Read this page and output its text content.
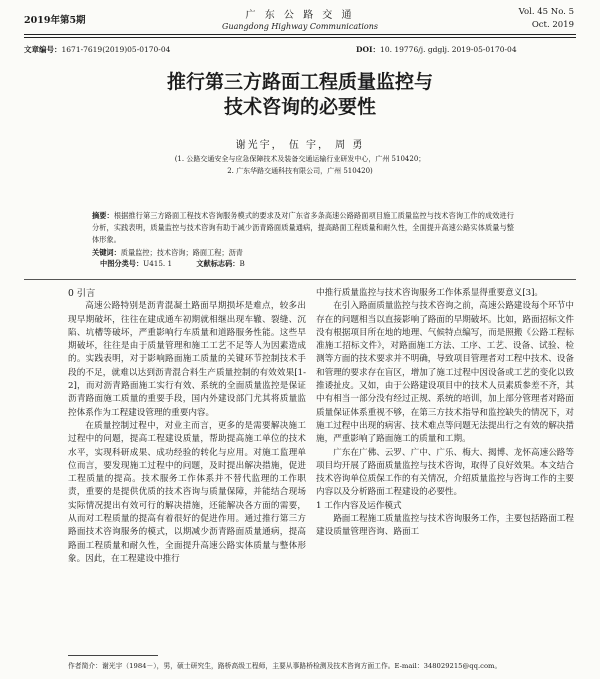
2019年第5期	广 东 公 路 交 通
Guangdong Highway Communications
Vol. 45 No. 5
Oct. 2019
文章编号：1671-7619(2019)05-0170-04	DOI：10. 19776/j. gdglj. 2019-05-0170-04
推行第三方路面工程质量监控与
技术咨询的必要性
谢光宇， 伍 宇， 周 勇
(1. 公路交通安全与应急保障技术及装备交通运输行业研发中心，广州 510420；
2. 广东华路交通科技有限公司，广州 510420)
摘要：根据推行第三方路面工程技术咨询服务模式的要求及对广东省多条高速公路路面项目施工质量监控与技术咨询工作的成效进行分析，实践表明，质量监控与技术咨询有助于减少沥青路面质量通病，提高路面工程质量和耐久性，全面提升高速公路实体质量与整体形象。
关键词：质量监控；技术咨询；路面工程；沥青
中图分类号：U415. 1	文献标志码：B

0 引言

高速公路特别是沥青混凝土路面早期损坏是难点，较多出现早期破坏，往往在建成通车初期就相继出现车辙、裂缝、沉陷、坑槽等破坏，严重影响行车质量和道路服务性能。这些早期破坏，往往是由于质量管理和施工工艺不足等人为因素造成的。实践表明，对于影响路面施工质量的关键环节控制技术手段的不足，就难以达到沥青混合料生产质量控制的有效效果[1-2]，而对沥青路面施工实行有效、系统的全面质量监控是保证沥青路面施工质量的重要手段，国内外建设部门尤其将质量监控体系作为工程建设管理的重要内容。

在质量控制过程中，对业主而言，更多的是需要解决施工过程中的问题，提高工程建设质量，帮助提高施工单位的技术水平，实现科研成果、成功经验的转化与应用。对施工监理单位而言，要发现施工过程中的问题，及时提出解决措施，促进工程质量的提高。技术服务工作体系并不替代监理的工作职责，重要的是提供优质的技术咨询与质量保障，并能结合现场实际情况提出有效可行的解决措施，还能解决各方面的需要，从而对工程质量的提高有着很好的促进作用。通过推行第三方路面技术咨询服务的模式，以期减少沥青路面质量通病，提高路面工程质量和耐久性，全面提升高速公路实体质量与整体形象。因此，在工程建设中推行

中推行质量监控与技术咨询服务工作体系显得重要意义[3]。

在引入路面质量监控与技术咨询之前，高速公路建设每个环节中存在的问题相当以直接影响了路面的早期破坏。比如，路面招标文件没有根据项目所在地的地理、气候特点编写，而是照搬《公路工程标准施工招标文件》，对路面施工方法、工序、工艺、设备、试验、检测等方面的技术要求并不明确，导致项目管理者对工程中技术、设备和管理的要求存在盲区，增加了施工过程中因设备或工艺的变化以致推诿扯皮。又如，由于公路建设项目中的技术人员素质参差不齐，其中有相当一部分没有经过正规、系统的培训，加上部分管理者对路面质量保证体系重视不够，在第三方技术指导和监控缺失的情况下，对施工过程中出现的病害、技术难点等问题无法提出行之有效的解决措施，严重影响了路面施工的质量和工期。

广东在广佛、云罗、广中、广乐、梅大、揭博、龙怀高速公路等项目均开展了路面质量监控与技术咨询，取得了良好效果。本文结合技术咨询单位质保工作的有关情况，介绍质量监控与咨询工作的主要内容以及分析路面工程建设的必要性。

1 工作内容及运作模式

路面工程施工质量监控与技术咨询服务工作，主要包括路面工程建设质量管理咨询、路面工

作者简介：谢光宇（1984－），男，硕士研究生，路桥高级工程师，主要从事路桥检测及技术咨询方面工作。E-mail：348029215@qq.com。
